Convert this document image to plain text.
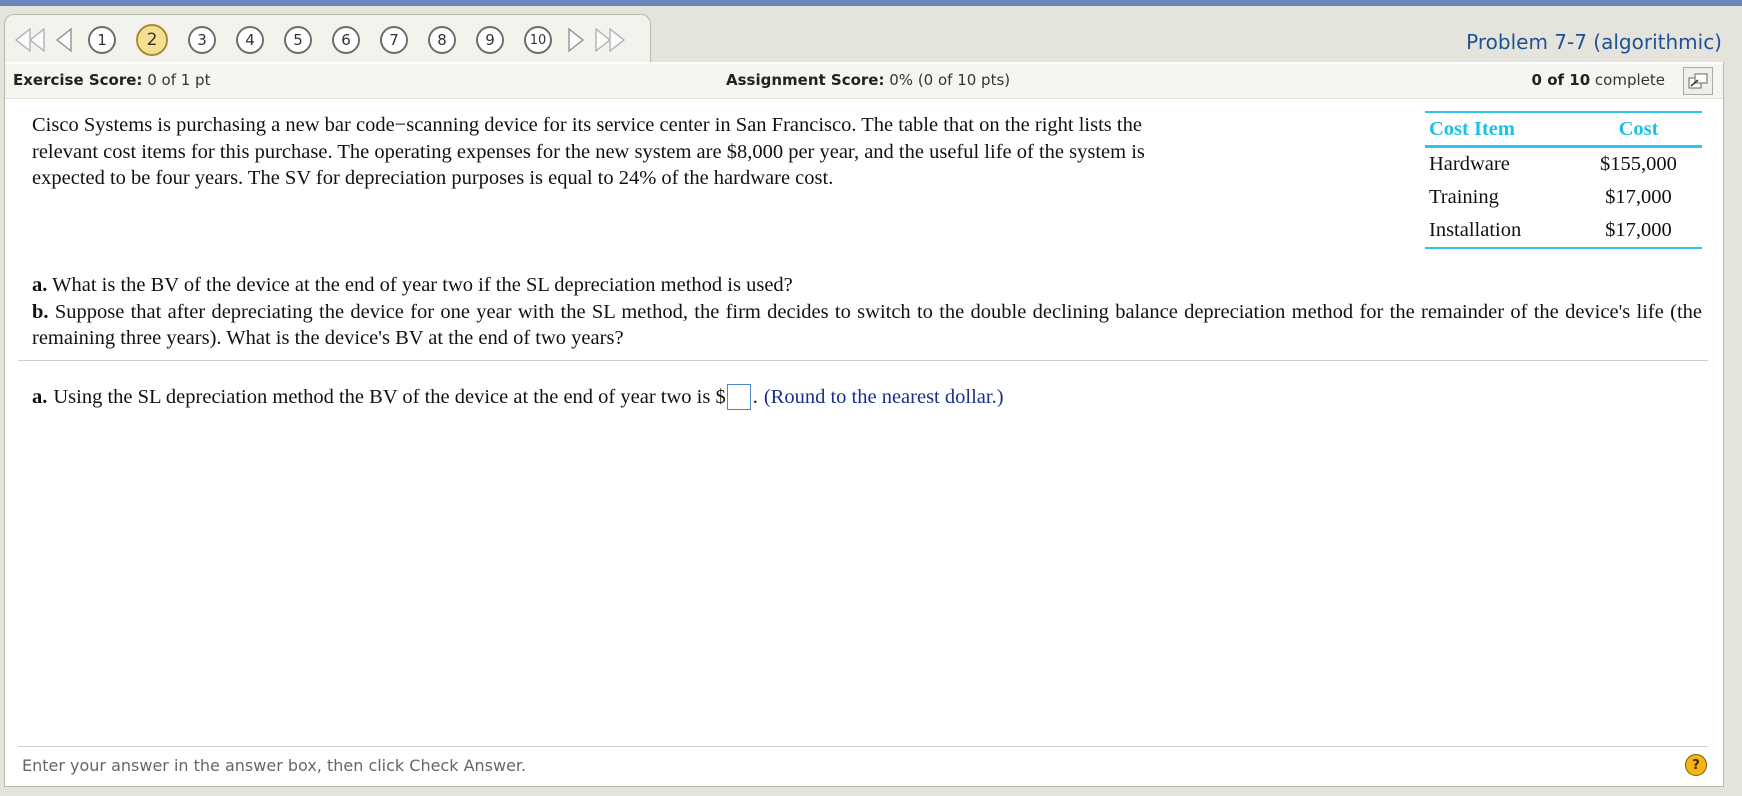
1	2	3	4	5	6	7	8	9	10	Problem 7-7 (algorithmic)
Exercise Score: 0 of 1 pt	Assignment Score: 0% (0 of 10 pts)	0 of 10 complete
Cisco Systems is purchasing a new bar code−scanning device for its service center in San Francisco. The table that on the right lists the relevant cost items for this purchase. The operating expenses for the new system are $8,000 per year, and the useful life of the system is expected to be four years. The SV for depreciation purposes is equal to 24% of the hardware cost.
Cost Item	Cost
Hardware	$155,000
Training	$17,000
Installation	$17,000
a. What is the BV of the device at the end of year two if the SL depreciation method is used?
b. Suppose that after depreciating the device for one year with the SL method, the firm decides to switch to the double declining balance depreciation method for the remainder of the device's life (the remaining three years). What is the device's BV at the end of two years?
a. Using the SL depreciation method the BV of the device at the end of year two is $ . (Round to the nearest dollar.)
Enter your answer in the answer box, then click Check Answer.	?
